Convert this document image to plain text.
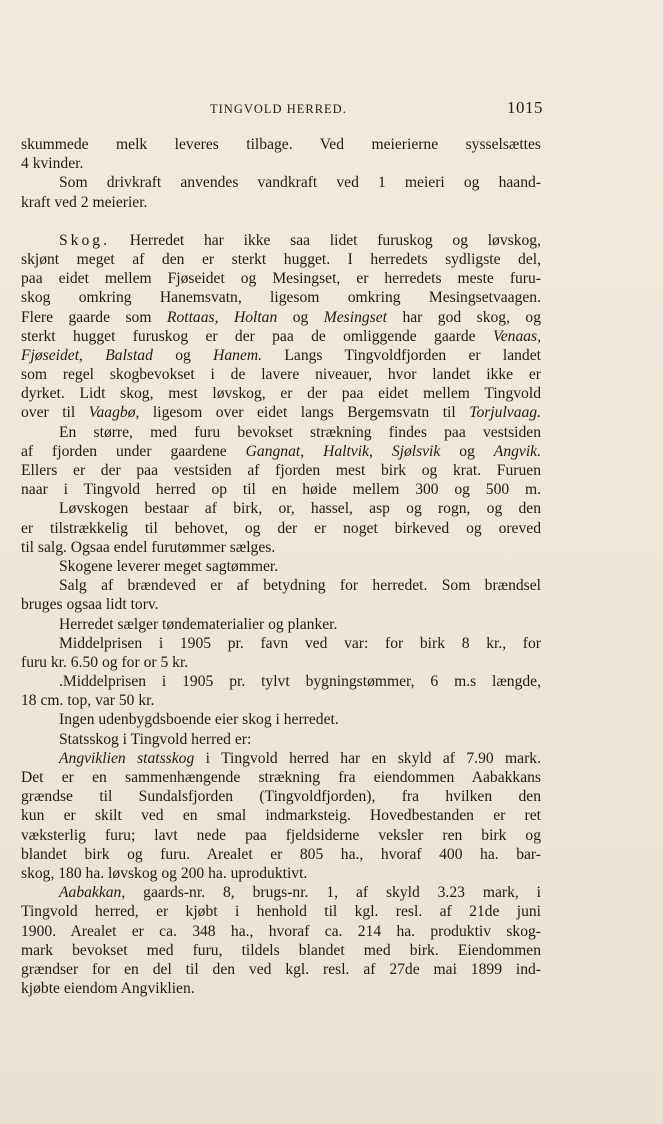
TINGVOLD HERRED.	1015
skummede melk leveres tilbage. Ved meierierne sysselsættes
4 kvinder.
Som drivkraft anvendes vandkraft ved 1 meieri og haand-
kraft ved 2 meierier.
Skog. Herredet har ikke saa lidet furuskog og løvskog,
skjønt meget af den er sterkt hugget. I herredets sydligste del,
paa eidet mellem Fjøseidet og Mesingset, er herredets meste furu-
skog omkring Hanemsvatn, ligesom omkring Mesingsetvaagen.
Flere gaarde som Rottaas, Holtan og Mesingset har god skog, og
sterkt hugget furuskog er der paa de omliggende gaarde Venaas,
Fjøseidet, Balstad og Hanem. Langs Tingvoldfjorden er landet
som regel skogbevokset i de lavere niveauer, hvor landet ikke er
dyrket. Lidt skog, mest løvskog, er der paa eidet mellem Tingvold
over til Vaagbø, ligesom over eidet langs Bergemsvatn til Torjulvaag.
En større, med furu bevokset strækning findes paa vestsiden
af fjorden under gaardene Gangnat, Haltvik, Sjølsvik og Angvik.
Ellers er der paa vestsiden af fjorden mest birk og krat. Furuen
naar i Tingvold herred op til en høide mellem 300 og 500 m.
Løvskogen bestaar af birk, or, hassel, asp og rogn, og den
er tilstrækkelig til behovet, og der er noget birkeved og oreved
til salg. Ogsaa endel furutømmer sælges.
Skogene leverer meget sagtømmer.
Salg af brændeved er af betydning for herredet. Som brændsel
bruges ogsaa lidt torv.
Herredet sælger tøndematerialier og planker.
Middelprisen i 1905 pr. favn ved var: for birk 8 kr., for
furu kr. 6.50 og for or 5 kr.
.Middelprisen i 1905 pr. tylvt bygningstømmer, 6 m.s længde,
18 cm. top, var 50 kr.
Ingen udenbygdsboende eier skog i herredet.
Statsskog i Tingvold herred er:
Angviklien statsskog i Tingvold herred har en skyld af 7.90 mark.
Det er en sammenhængende strækning fra eiendommen Aabakkans
grændse til Sundalsfjorden (Tingvoldfjorden), fra hvilken den
kun er skilt ved en smal indmarksteig. Hovedbestanden er ret
væksterlig furu; lavt nede paa fjeldsiderne veksler ren birk og
blandet birk og furu. Arealet er 805 ha., hvoraf 400 ha. bar-
skog, 180 ha. løvskog og 200 ha. uproduktivt.
Aabakkan, gaards-nr. 8, brugs-nr. 1, af skyld 3.23 mark, i
Tingvold herred, er kjøbt i henhold til kgl. resl. af 21de juni
1900. Arealet er ca. 348 ha., hvoraf ca. 214 ha. produktiv skog-
mark bevokset med furu, tildels blandet med birk. Eiendommen
grændser for en del til den ved kgl. resl. af 27de mai 1899 ind-
kjøbte eiendom Angviklien.
